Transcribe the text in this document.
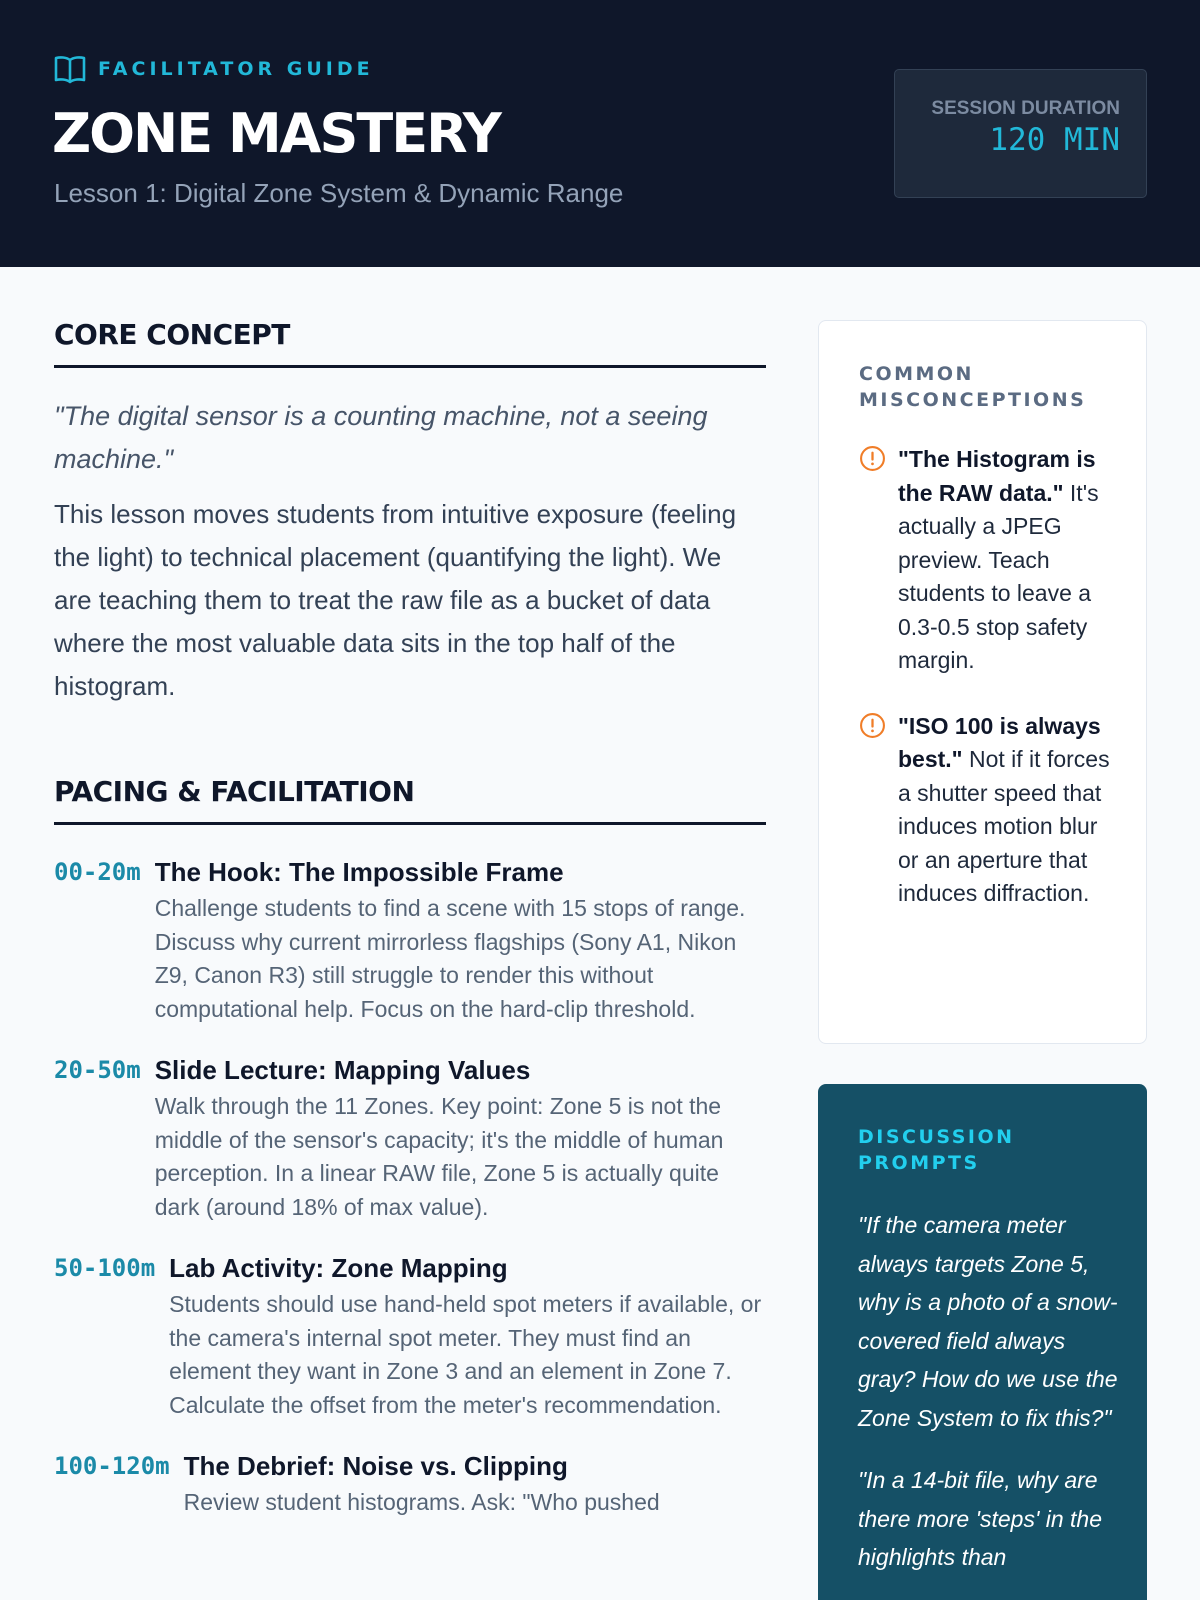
FACILITATOR GUIDE
ZONE MASTERY
Lesson 1: Digital Zone System & Dynamic Range
SESSION DURATION
120 MIN
CORE CONCEPT

"The digital sensor is a counting machine, not a seeing machine."

This lesson moves students from intuitive exposure (feeling the light) to technical placement (quantifying the light). We are teaching them to treat the raw file as a bucket of data where the most valuable data sits in the top half of the histogram.

PACING & FACILITATION
00-20m The Hook: The Impossible Frame
Challenge students to find a scene with 15 stops of range. Discuss why current mirrorless flagships (Sony A1, Nikon Z9, Canon R3) still struggle to render this without computational help. Focus on the hard-clip threshold.
20-50m Slide Lecture: Mapping Values
Walk through the 11 Zones. Key point: Zone 5 is not the middle of the sensor's capacity; it's the middle of human perception. In a linear RAW file, Zone 5 is actually quite dark (around 18% of max value).
50-100m Lab Activity: Zone Mapping
Students should use hand-held spot meters if available, or the camera's internal spot meter. They must find an element they want in Zone 3 and an element in Zone 7. Calculate the offset from the meter's recommendation.
100-120m The Debrief: Noise vs. Clipping
Review student histograms. Ask: "Who pushed
COMMON MISCONCEPTIONS
"The Histogram is the RAW data." It's actually a JPEG preview. Teach students to leave a 0.3-0.5 stop safety margin.
"ISO 100 is always best." Not if it forces a shutter speed that induces motion blur or an aperture that induces diffraction.
DISCUSSION PROMPTS

"If the camera meter always targets Zone 5, why is a photo of a snow-covered field always gray? How do we use the Zone System to fix this?"

"In a 14-bit file, why are there more 'steps' in the highlights than
